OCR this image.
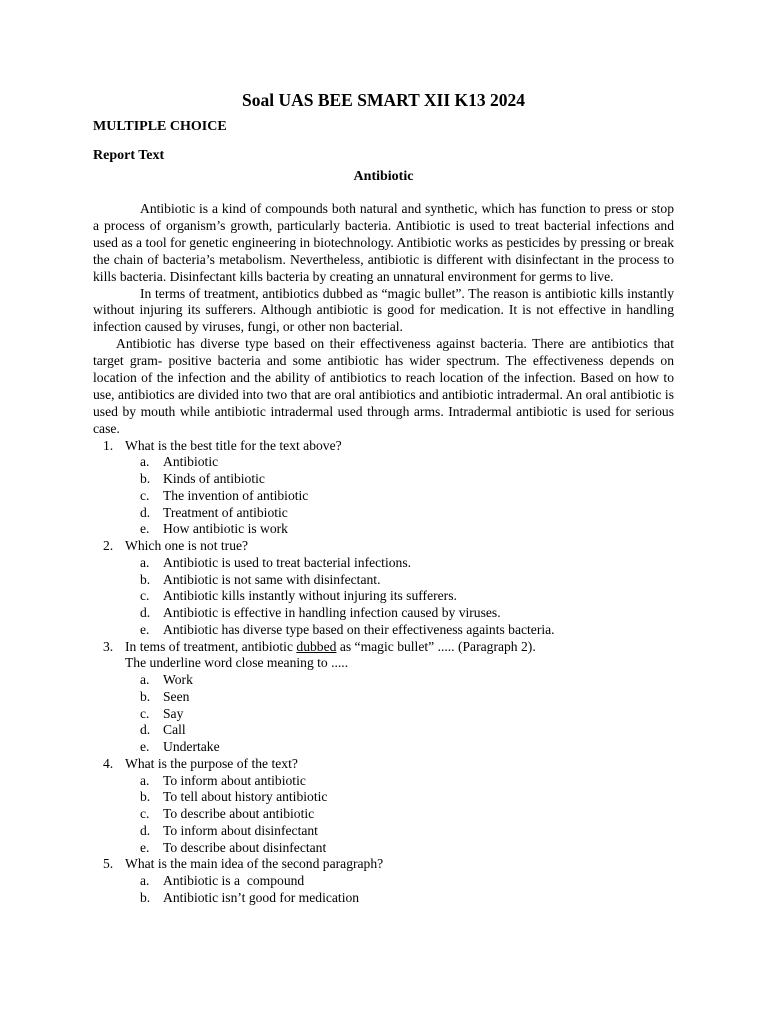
Soal UAS BEE SMART XII K13 2024
MULTIPLE CHOICE
Report Text
Antibiotic

Antibiotic is a kind of compounds both natural and synthetic, which has function to press or stop a process of organism’s growth, particularly bacteria. Antibiotic is used to treat bacterial infections and used as a tool for genetic engineering in biotechnology. Antibiotic works as pesticides by pressing or break the chain of bacteria’s metabolism. Nevertheless, antibiotic is different with disinfectant in the process to kills bacteria. Disinfectant kills bacteria by creating an unnatural environment for germs to live.

In terms of treatment, antibiotics dubbed as “magic bullet”. The reason is antibiotic kills instantly without injuring its sufferers. Although antibiotic is good for medication. It is not effective in handling infection caused by viruses, fungi, or other non bacterial.

Antibiotic has diverse type based on their effectiveness against bacteria. There are antibiotics that target gram- positive bacteria and some antibiotic has wider spectrum. The effectiveness depends on location of the infection and the ability of antibiotics to reach location of the infection. Based on how to use, antibiotics are divided into two that are oral antibiotics and antibiotic intradermal. An oral antibiotic is used by mouth while antibiotic intradermal used through arms. Intradermal antibiotic is used for serious case.

1. What is the best title for the text above?
a. Antibiotic
b. Kinds of antibiotic
c. The invention of antibiotic
d. Treatment of antibiotic
e. How antibiotic is work
2. Which one is not true?
a. Antibiotic is used to treat bacterial infections.
b. Antibiotic is not same with disinfectant.
c. Antibiotic kills instantly without injuring its sufferers.
d. Antibiotic is effective in handling infection caused by viruses.
e. Antibiotic has diverse type based on their effectiveness againts bacteria.
3. In tems of treatment, antibiotic dubbed as “magic bullet” ..... (Paragraph 2).
The underline word close meaning to .....
a. Work
b. Seen
c. Say
d. Call
e. Undertake
4. What is the purpose of the text?
a. To inform about antibiotic
b. To tell about history antibiotic
c. To describe about antibiotic
d. To inform about disinfectant
e. To describe about disinfectant
5. What is the main idea of the second paragraph?
a. Antibiotic is a  compound
b. Antibiotic isn’t good for medication
